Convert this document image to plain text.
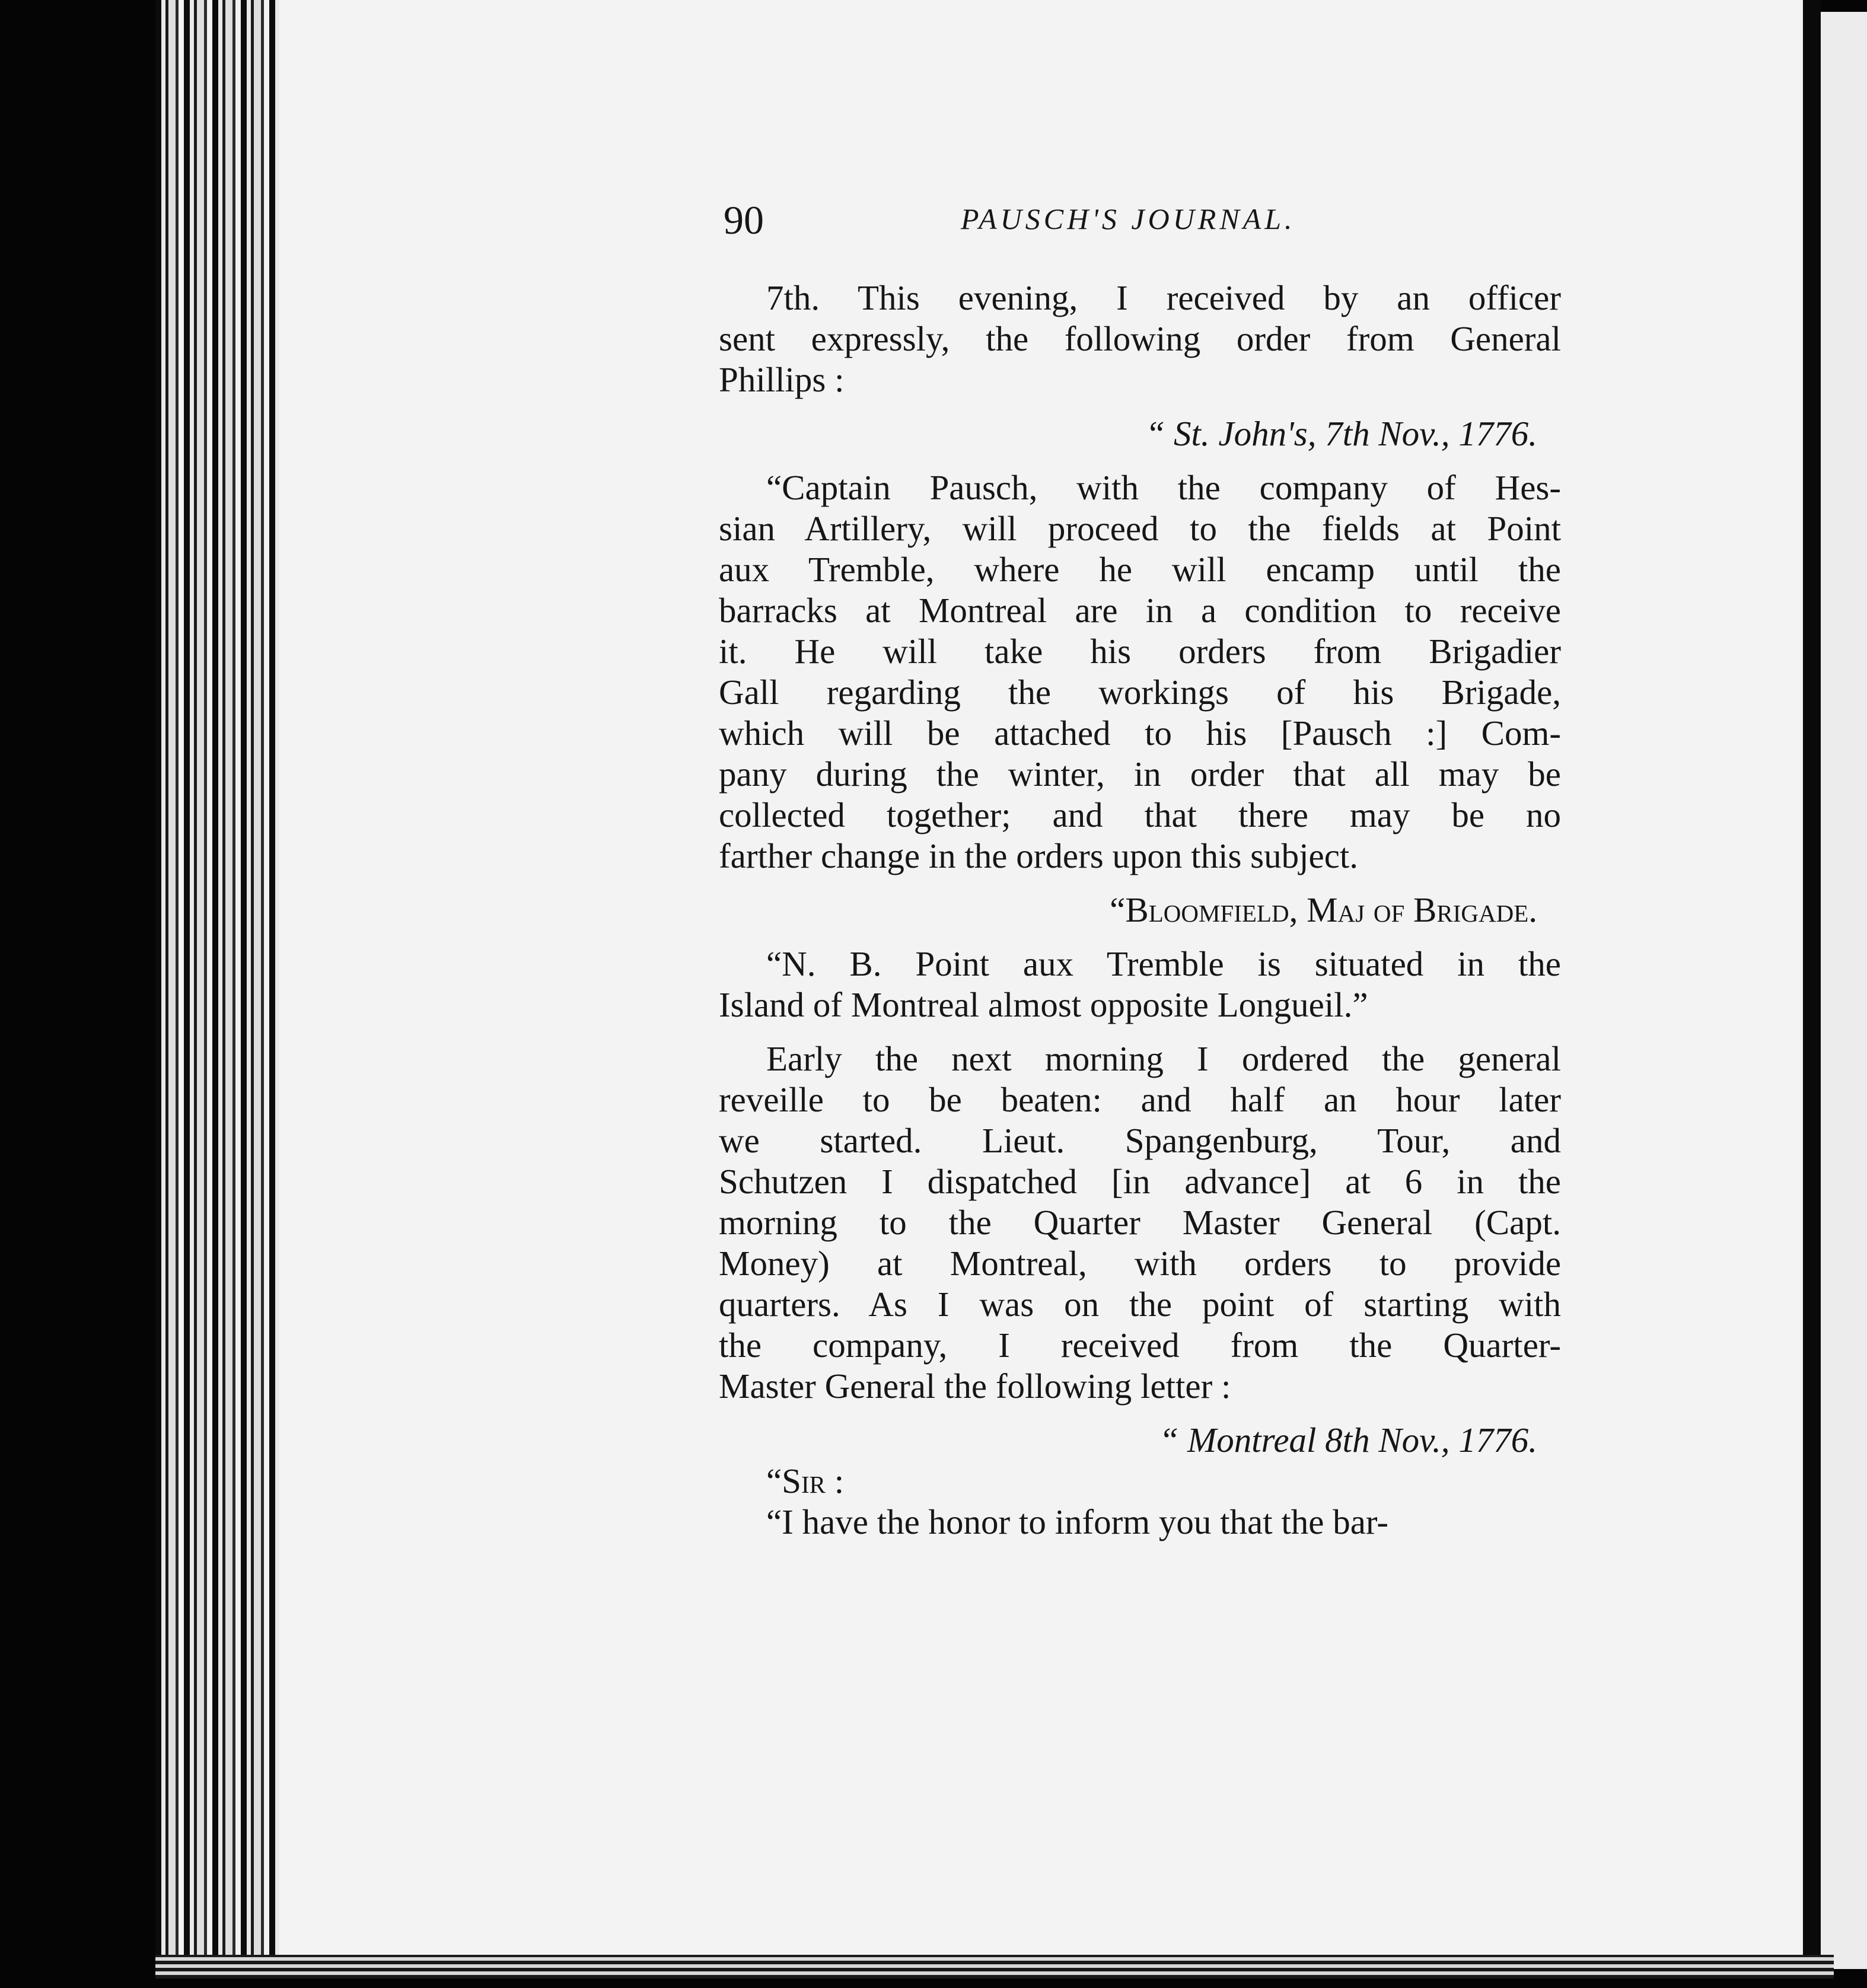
90	PAUSCH'S JOURNAL.
7th. This evening, I received by an officer
sent expressly, the following order from General
Phillips :
“ St. John's, 7th Nov., 1776.
“Captain Pausch, with the company of Hes-
sian Artillery, will proceed to the fields at Point
aux Tremble, where he will encamp until the
barracks at Montreal are in a condition to receive
it. He will take his orders from Brigadier
Gall regarding the workings of his Brigade,
which will be attached to his [Pausch :] Com-
pany during the winter, in order that all may be
collected together; and that there may be no
farther change in the orders upon this subject.
“Bloomfield, Maj of Brigade.
“N. B. Point aux Tremble is situated in the
Island of Montreal almost opposite Longueil.”
Early the next morning I ordered the general
reveille to be beaten: and half an hour later
we started. Lieut. Spangenburg, Tour, and
Schutzen I dispatched [in advance] at 6 in the
morning to the Quarter Master General (Capt.
Money) at Montreal, with orders to provide
quarters. As I was on the point of starting with
the company, I received from the Quarter-
Master General the following letter :
“ Montreal 8th Nov., 1776.
“Sir :
“I have the honor to inform you that the bar-
